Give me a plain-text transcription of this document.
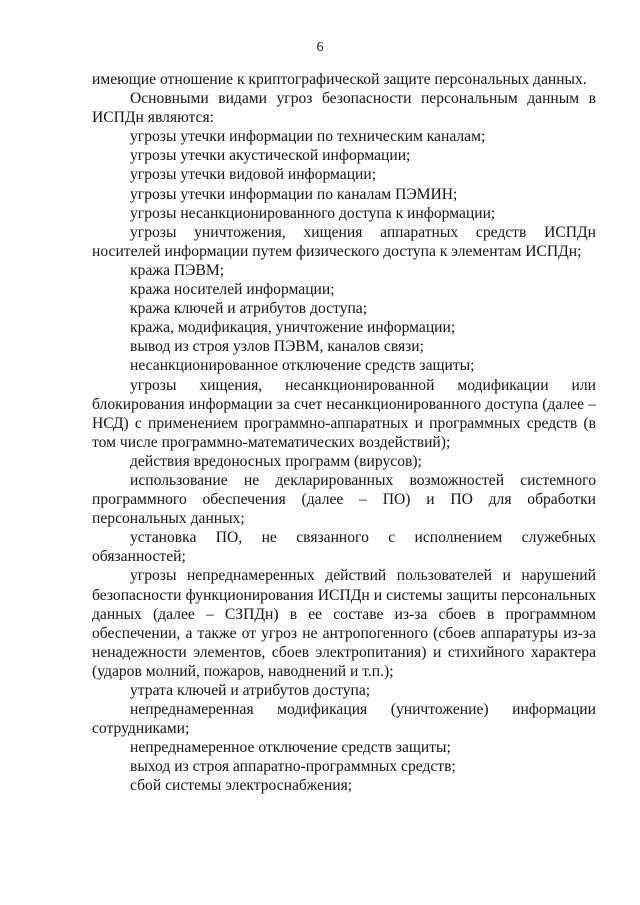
6

имеющие отношение к криптографической защите персональных данных.

Основными видами угроз безопасности персональным данным в ИСПДн являются:

угрозы утечки информации по техническим каналам;

угрозы утечки акустической информации;

угрозы утечки видовой информации;

угрозы утечки информации по каналам ПЭМИН;

угрозы несанкционированного доступа к информации;

угрозы уничтожения, хищения аппаратных средств ИСПДн носителей информации путем физического доступа к элементам ИСПДн;

кража ПЭВМ;

кража носителей информации;

кража ключей и атрибутов доступа;

кража, модификация, уничтожение информации;

вывод из строя узлов ПЭВМ, каналов связи;

несанкционированное отключение средств защиты;

угрозы хищения, несанкционированной модификации или блокирования информации за счет несанкционированного доступа (далее – НСД) с применением программно-аппаратных и программных средств (в том числе программно-математических воздействий);

действия вредоносных программ (вирусов);

использование не декларированных возможностей системного программного обеспечения (далее – ПО) и ПО для обработки персональных данных;

установка ПО, не связанного с исполнением служебных обязанностей;

угрозы непреднамеренных действий пользователей и нарушений безопасности функционирования ИСПДн и системы защиты персональных данных (далее – СЗПДн) в ее составе из-за сбоев в программном обеспечении, а также от угроз не антропогенного (сбоев аппаратуры из-за ненадежности элементов, сбоев электропитания) и стихийного характера (ударов молний, пожаров, наводнений и т.п.);

утрата ключей и атрибутов доступа;

непреднамеренная модификация (уничтожение) информации сотрудниками;

непреднамеренное отключение средств защиты;

выход из строя аппаратно-программных средств;

сбой системы электроснабжения;
